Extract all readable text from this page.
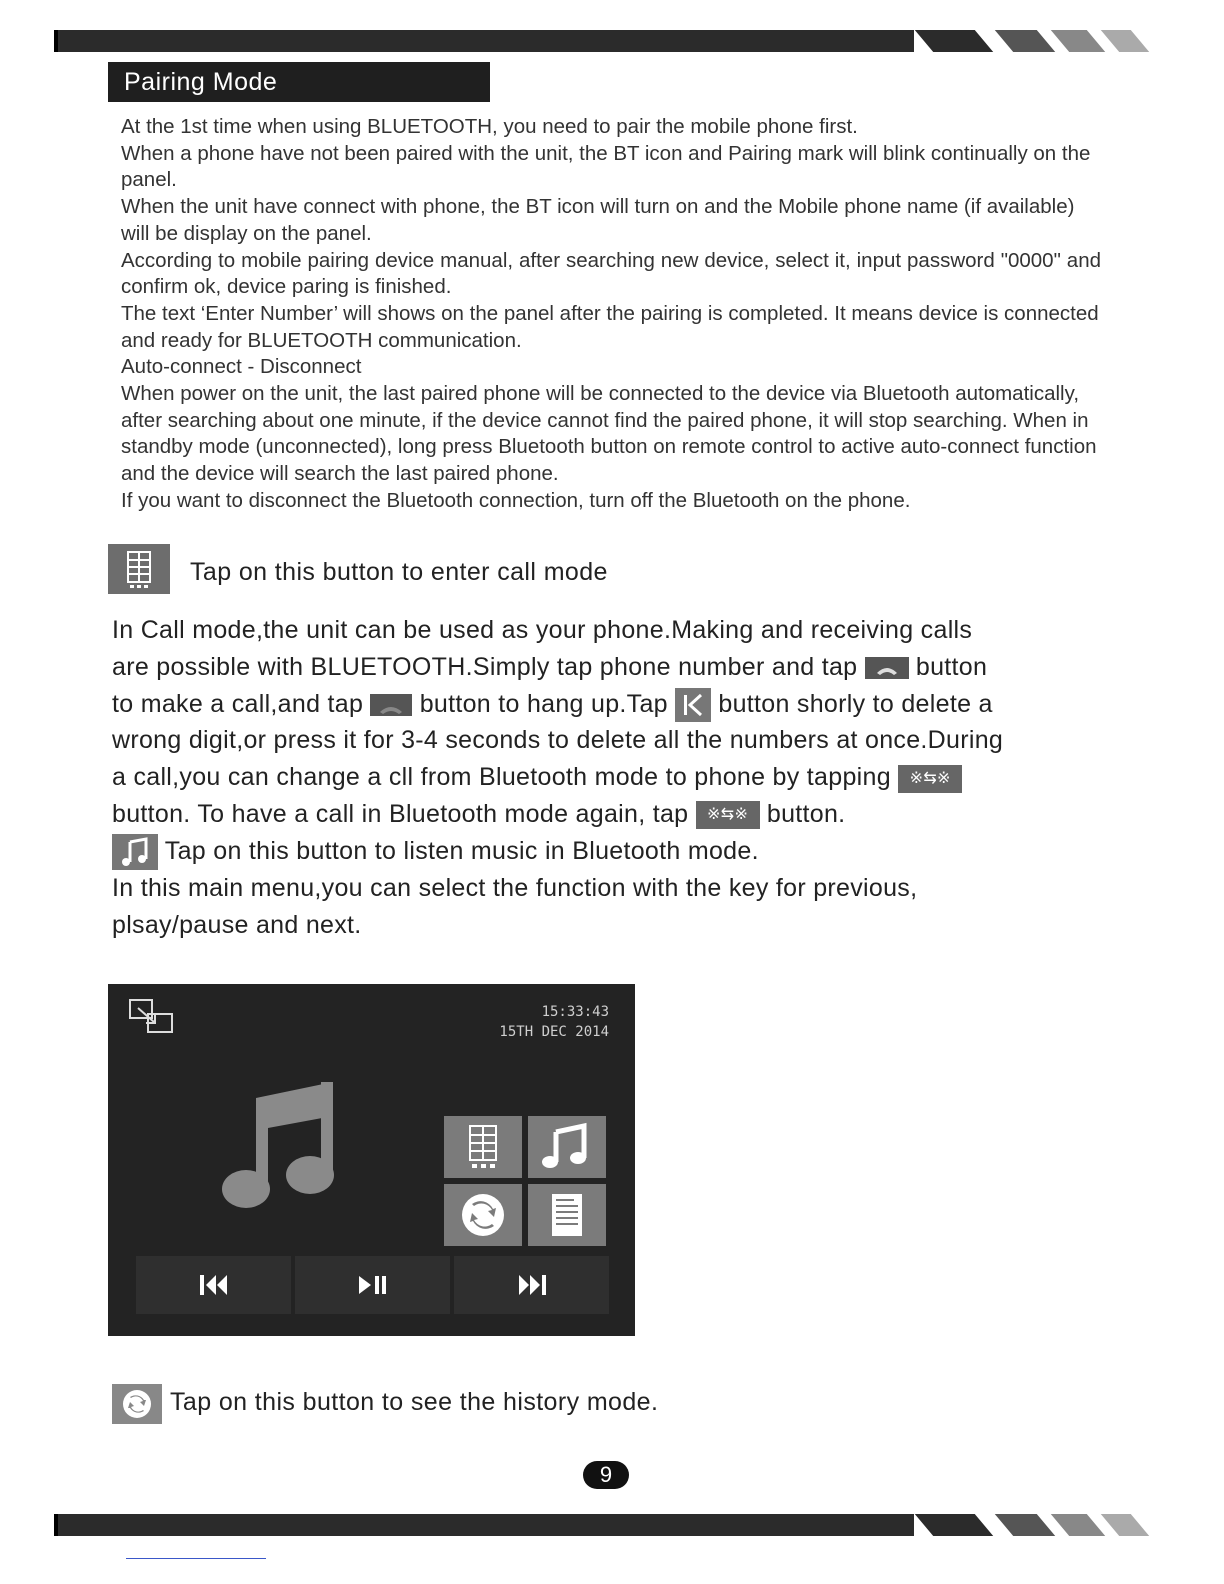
Pairing Mode

At the 1st time when using BLUETOOTH, you need to pair the mobile phone first.

When a phone have not been paired with the unit, the BT icon and Pairing mark will blink continually on the panel.

When the unit have connect with phone, the BT icon will turn on and the Mobile phone name (if available) will be display on the panel.

According to mobile pairing device manual, after searching new device, select it, input password "0000" and confirm ok, device paring is finished.

The text ‘Enter Number’ will shows on the panel after the pairing is completed. It means device is connected and ready for BLUETOOTH communication.

Auto-connect - Disconnect

When power on the unit, the last paired phone will be connected to the device via Bluetooth automatically, after searching about one minute, if the device cannot find the paired phone, it will stop searching. When in standby mode (unconnected), long press Bluetooth button on remote control to active auto-connect function and the device will search the last paired phone.

If you want to disconnect the Bluetooth connection, turn off the Bluetooth on the phone.

Tap on this button to enter call mode
In Call mode,the unit can be used as your phone.Making and receiving calls
are possible with BLUETOOTH.Simply tap phone number and tap button
to make a call,and tap button to hang up.Tap button shorly to delete a
wrong digit,or press it for 3-4 seconds to delete all the numbers at once.During
a call,you can change a cll from Bluetooth mode to phone by tapping ※⇆※
button. To have a call in Bluetooth mode again, tap ※⇆※ button.
Tap on this button to listen music in Bluetooth mode.
In this main menu,you can select the function with the key for previous,
plsay/pause and next.
15:33:43
15TH DEC 2014
Tap on this button to see the history mode.
9
